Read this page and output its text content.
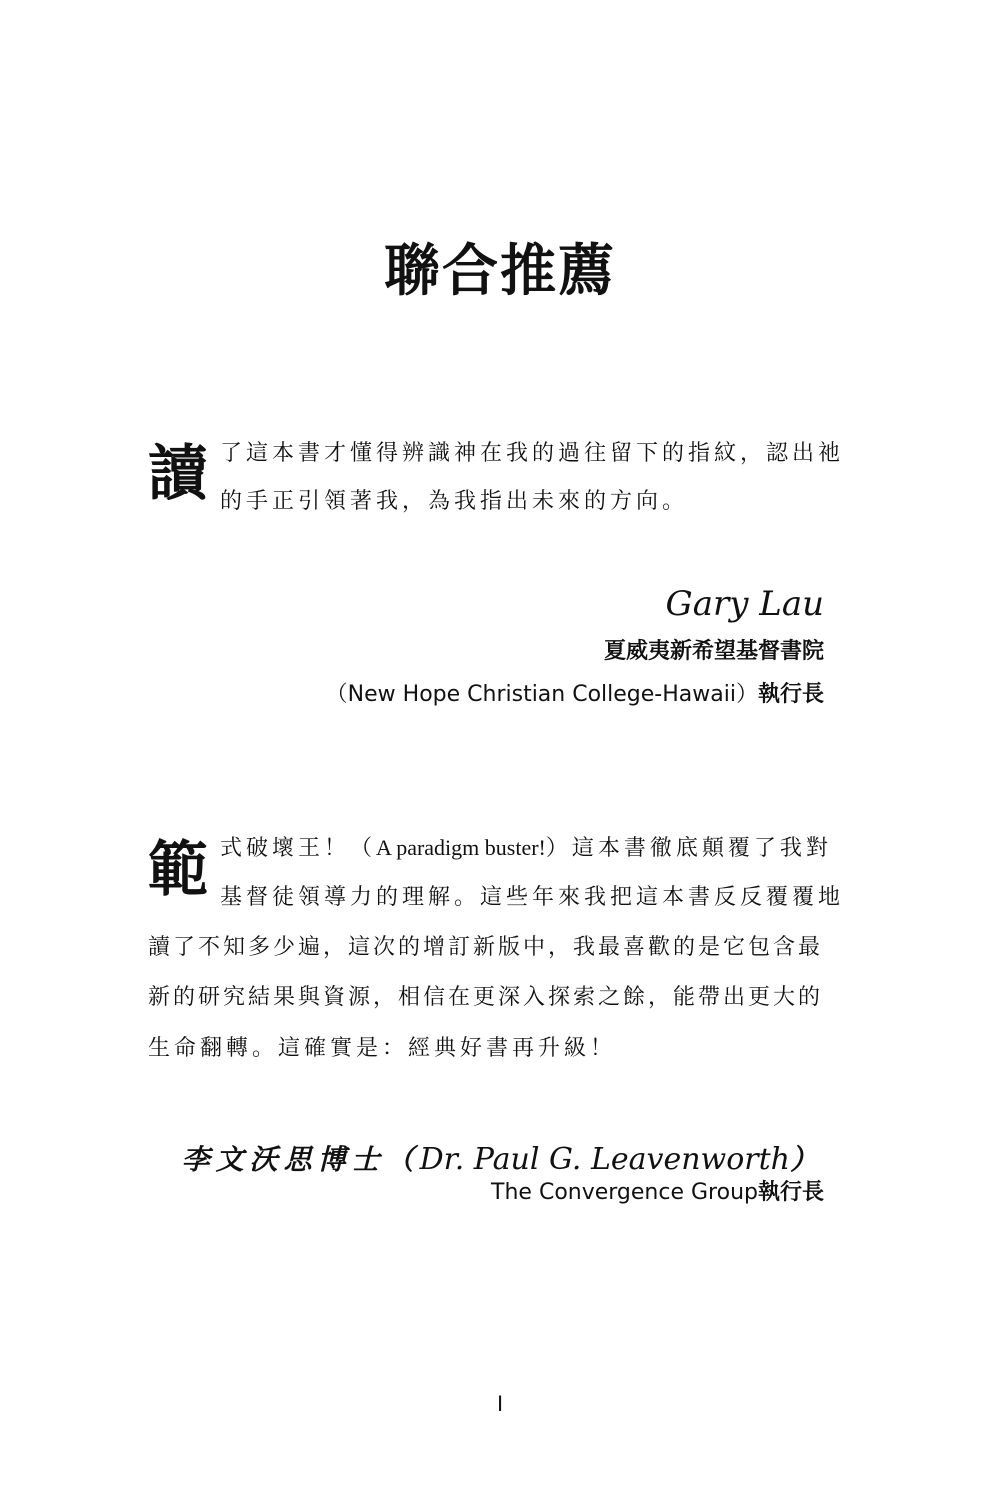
聯合推薦
讀 了這本書才懂得辨識神在我的過往留下的指紋，認出祂
的手正引領著我，為我指出未來的方向。
Gary Lau
夏威夷新希望基督書院
（New Hope Christian College-Hawaii）執行長
範 式破壞王！（A paradigm buster!）這本書徹底顛覆了我對
基督徒領導力的理解。這些年來我把這本書反反覆覆地
讀了不知多少遍，這次的增訂新版中，我最喜歡的是它包含最
新的研究結果與資源，相信在更深入探索之餘，能帶出更大的
生命翻轉。這確實是：經典好書再升級！
李文沃思博士（Dr. Paul G. Leavenworth）
The Convergence Group執行長
I
